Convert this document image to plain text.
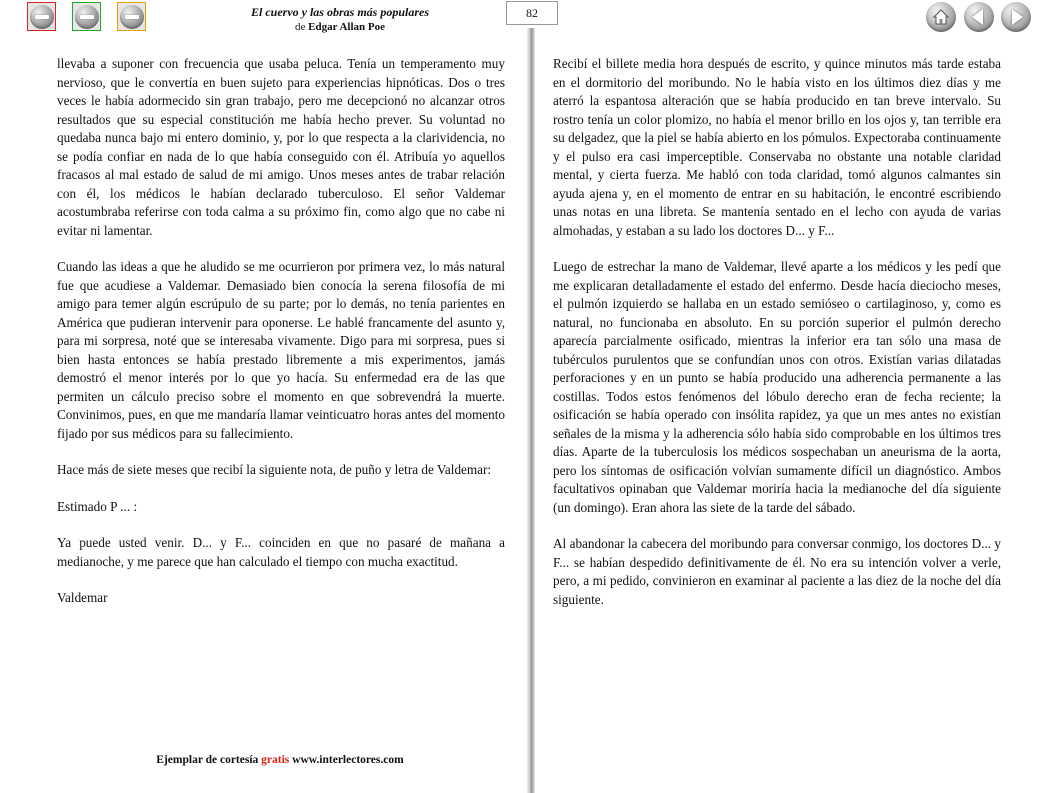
El cuervo y las obras más populares
de Edgar Allan Poe
82

llevaba a suponer con frecuencia que usaba peluca. Tenía un temperamento muy nervioso, que le convertía en buen sujeto para experiencias hipnóticas. Dos o tres veces le había adormecido sin gran trabajo, pero me decepcionó no alcanzar otros resultados que su especial constitución me había hecho prever. Su voluntad no quedaba nunca bajo mi entero dominio, y, por lo que respecta a la clarividencia, no se podía confiar en nada de lo que había conseguido con él. Atribuía yo aquellos fracasos al mal estado de salud de mi amigo. Unos meses antes de trabar relación con él, los médicos le habían declarado tuberculoso. El señor Valdemar acostumbraba referirse con toda calma a su próximo fin, como algo que no cabe ni evitar ni lamentar.

Cuando las ideas a que he aludido se me ocurrieron por primera vez, lo más natural fue que acudiese a Valdemar. Demasiado bien conocía la serena filosofía de mi amigo para temer algún escrúpulo de su parte; por lo demás, no tenía parientes en América que pudieran intervenir para oponerse. Le hablé francamente del asunto y, para mi sorpresa, noté que se interesaba vivamente. Digo para mi sorpresa, pues si bien hasta entonces se había prestado libremente a mis experimentos, jamás demostró el menor interés por lo que yo hacía. Su enfermedad era de las que permiten un cálculo preciso sobre el momento en que sobrevendrá la muerte. Convinimos, pues, en que me mandaría llamar veinticuatro horas antes del momento fijado por sus médicos para su fallecimiento.

Hace más de siete meses que recibí la siguiente nota, de puño y letra de Valdemar:

Estimado P ... :

Ya puede usted venir. D... y F... coinciden en que no pasaré de mañana a medianoche, y me parece que han calculado el tiempo con mucha exactitud.

Valdemar

Recibí el billete media hora después de escrito, y quince minutos más tarde estaba en el dormitorio del moribundo. No le había visto en los últimos diez días y me aterró la espantosa alteración que se había producido en tan breve intervalo. Su rostro tenía un color plomizo, no había el menor brillo en los ojos y, tan terrible era su delgadez, que la piel se había abierto en los pómulos. Expectoraba continuamente y el pulso era casi imperceptible. Conservaba no obstante una notable claridad mental, y cierta fuerza. Me habló con toda claridad, tomó algunos calmantes sin ayuda ajena y, en el momento de entrar en su habitación, le encontré escribiendo unas notas en una libreta. Se mantenía sentado en el lecho con ayuda de varias almohadas, y estaban a su lado los doctores D... y F...

Luego de estrechar la mano de Valdemar, llevé aparte a los médicos y les pedí que me explicaran detalladamente el estado del enfermo. Desde hacía dieciocho meses, el pulmón izquierdo se hallaba en un estado semióseo o cartilaginoso, y, como es natural, no funcionaba en absoluto. En su porción superior el pulmón derecho aparecía parcialmente osificado, mientras la inferior era tan sólo una masa de tubérculos purulentos que se confundían unos con otros. Existían varias dilatadas perforaciones y en un punto se había producido una adherencia permanente a las costillas. Todos estos fenómenos del lóbulo derecho eran de fecha reciente; la osificación se había operado con insólita rapidez, ya que un mes antes no existían señales de la misma y la adherencia sólo había sido comprobable en los últimos tres días. Aparte de la tuberculosis los médicos sospechaban un aneurisma de la aorta, pero los síntomas de osificación volvían sumamente difícil un diagnóstico. Ambos facultativos opinaban que Valdemar moriría hacia la medianoche del día siguiente (un domingo). Eran ahora las siete de la tarde del sábado.

Al abandonar la cabecera del moribundo para conversar conmigo, los doctores D... y F... se habían despedido definitivamente de él. No era su intención volver a verle, pero, a mi pedido, convinieron en examinar al paciente a las diez de la noche del día siguiente.

Ejemplar de cortesía gratis www.interlectores.com
